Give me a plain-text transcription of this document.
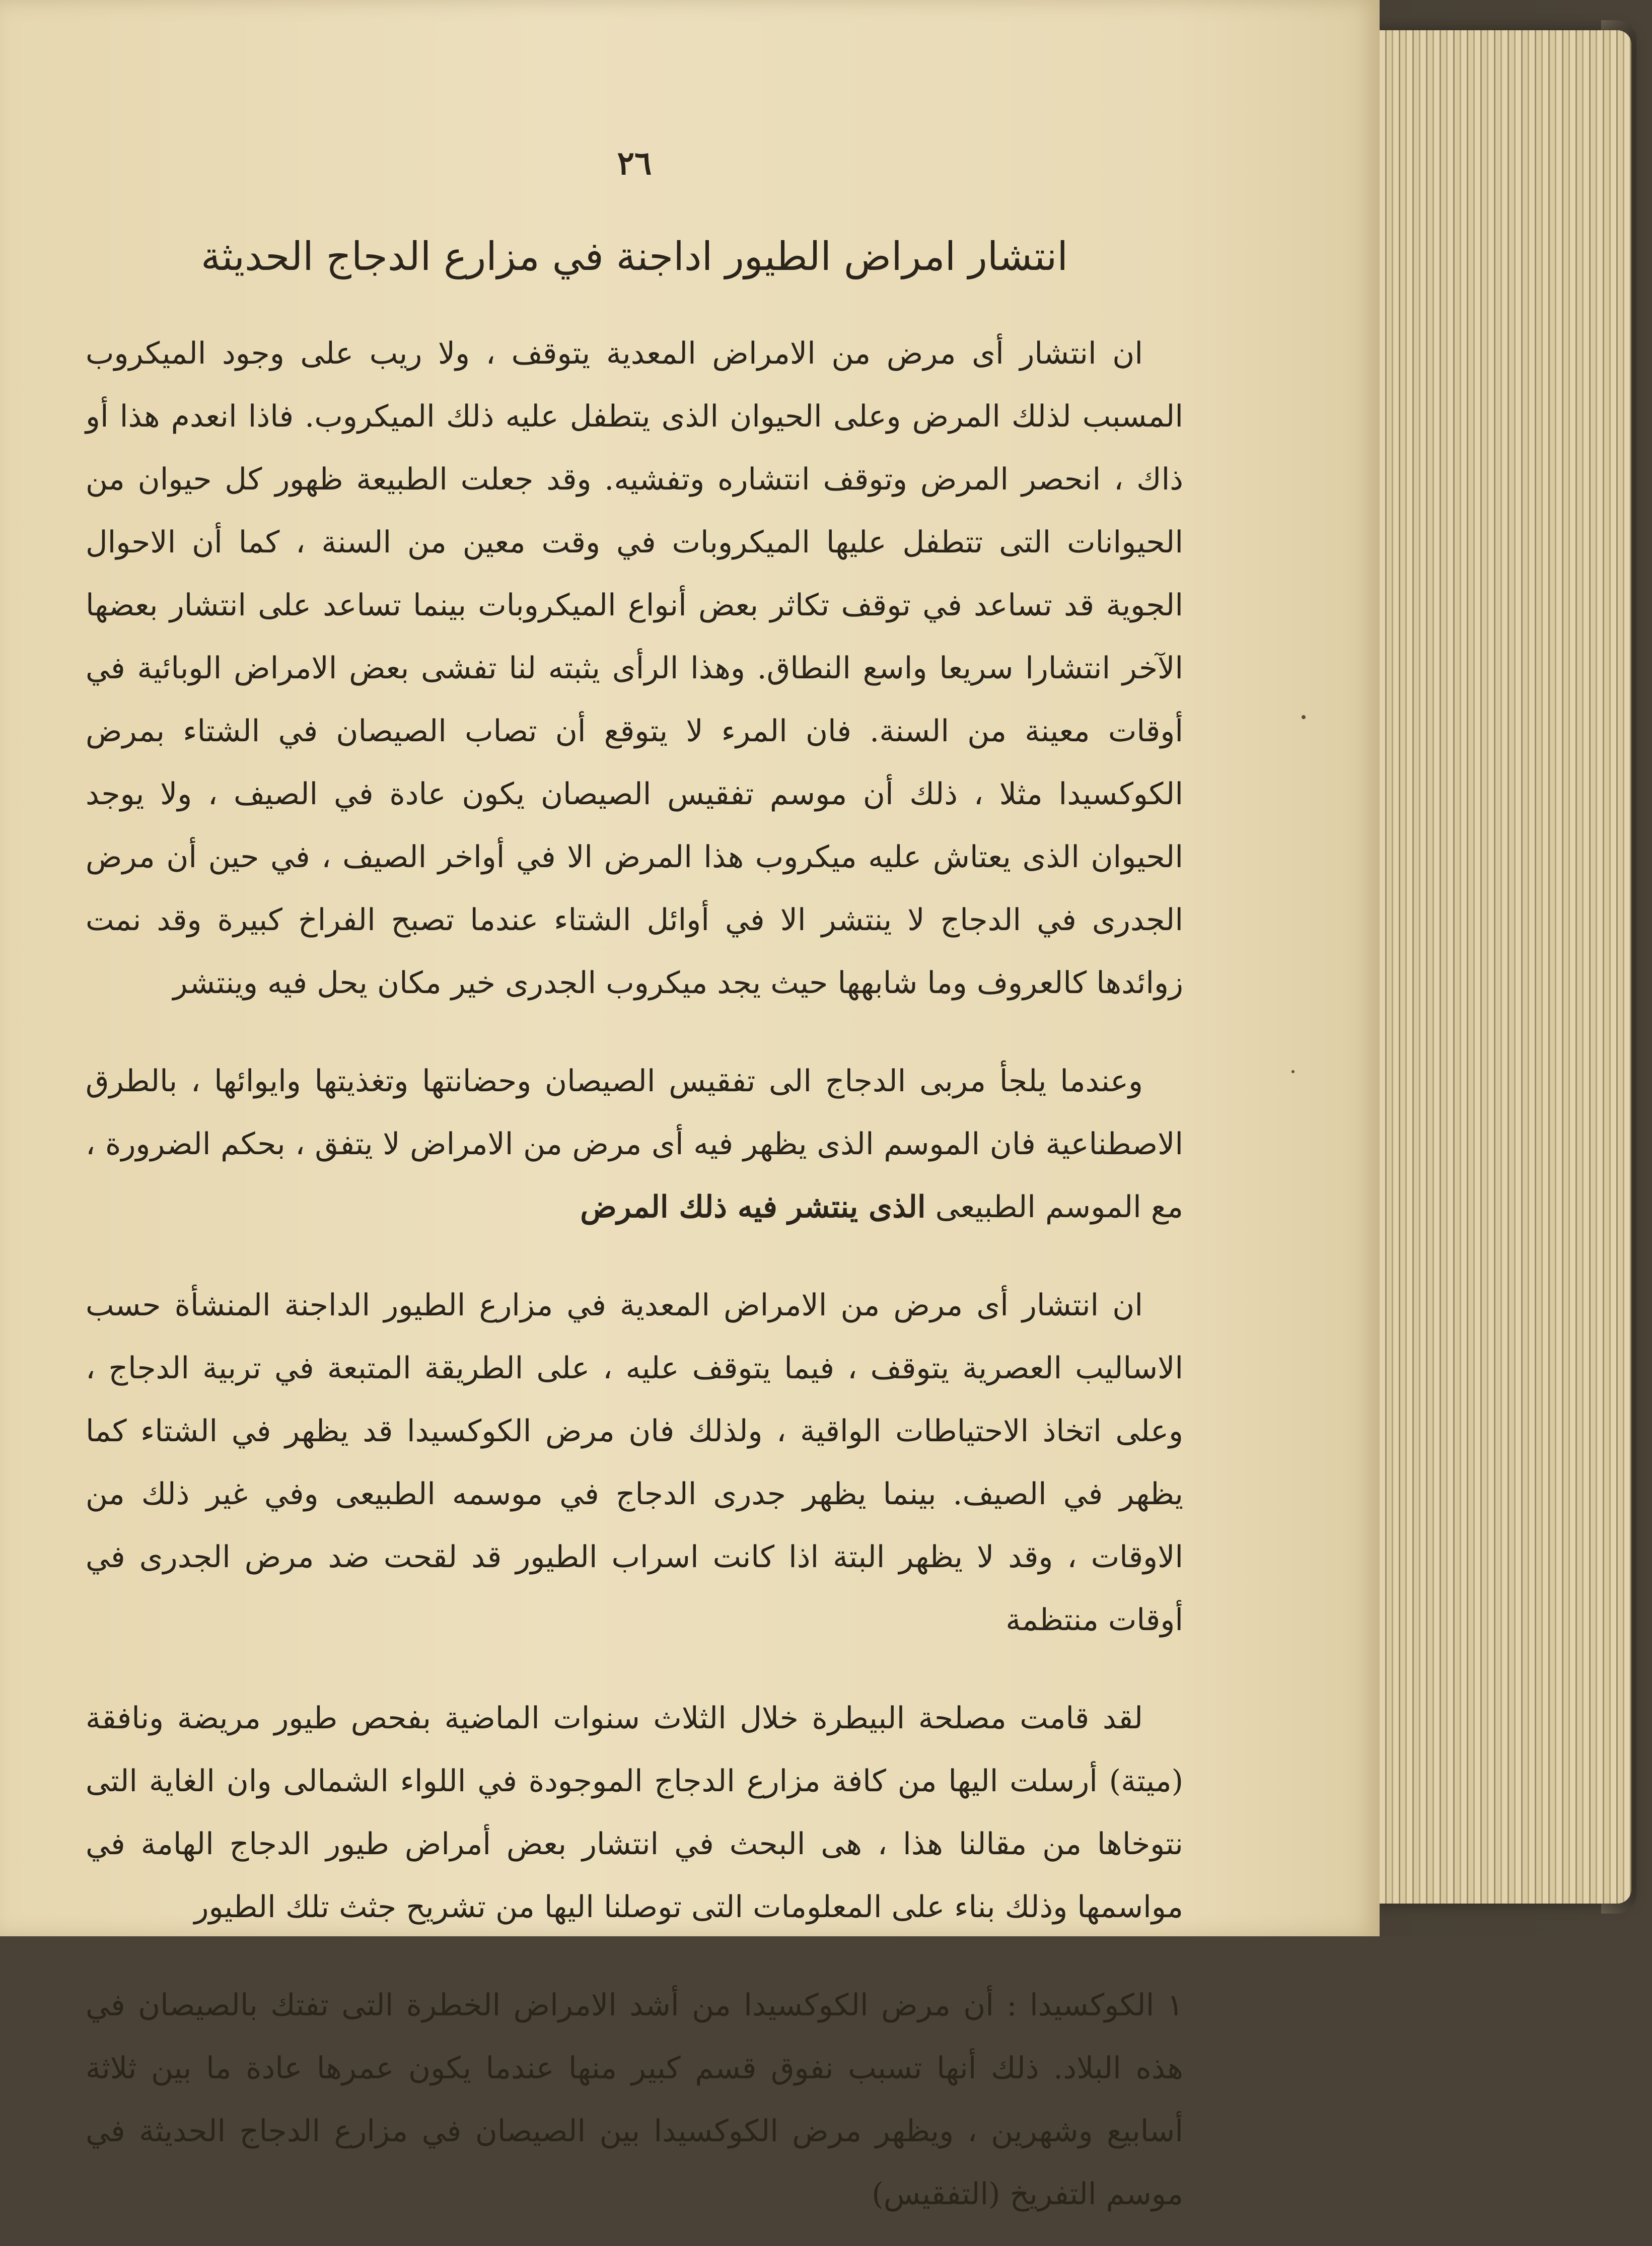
٢٦
انتشار امراض الطيور اداجنة في مزارع الدجاج الحديثة

ان انتشار أى مرض من الامراض المعدية يتوقف ، ولا ريب على وجود الميكروب المسبب لذلك المرض وعلى الحيوان الذى يتطفل عليه ذلك الميكروب. فاذا انعدم هذا أو ذاك ، انحصر المرض وتوقف انتشاره وتفشيه. وقد جعلت الطبيعة ظهور كل حيوان من الحيوانات التى تتطفل عليها الميكروبات في وقت معين من السنة ، كما أن الاحوال الجوية قد تساعد في توقف تكاثر بعض أنواع الميكروبات بينما تساعد على انتشار بعضها الآخر انتشارا سريعا واسع النطاق. وهذا الرأى يثبته لنا تفشى بعض الامراض الوبائية في أوقات معينة من السنة. فان المرء لا يتوقع أن تصاب الصيصان في الشتاء بمرض الكوكسيدا مثلا ، ذلك أن موسم تفقيس الصيصان يكون عادة في الصيف ، ولا يوجد الحيوان الذى يعتاش عليه ميكروب هذا المرض الا في أواخر الصيف ، في حين أن مرض الجدرى في الدجاج لا ينتشر الا في أوائل الشتاء عندما تصبح الفراخ كبيرة وقد نمت زوائدها كالعروف وما شابهها حيث يجد ميكروب الجدرى خير مكان يحل فيه وينتشر

وعندما يلجأ مربى الدجاج الى تفقيس الصيصان وحضانتها وتغذيتها وايوائها ، بالطرق الاصطناعية فان الموسم الذى يظهر فيه أى مرض من الامراض لا يتفق ، بحكم الضرورة ، مع الموسم الطبيعى الذى ينتشر فيه ذلك المرض

ان انتشار أى مرض من الامراض المعدية في مزارع الطيور الداجنة المنشأة حسب الاساليب العصرية يتوقف ، فيما يتوقف عليه ، على الطريقة المتبعة في تربية الدجاج ، وعلى اتخاذ الاحتياطات الواقية ، ولذلك فان مرض الكوكسيدا قد يظهر في الشتاء كما يظهر في الصيف. بينما يظهر جدرى الدجاج في موسمه الطبيعى وفي غير ذلك من الاوقات ، وقد لا يظهر البتة اذا كانت اسراب الطيور قد لقحت ضد مرض الجدرى في أوقات منتظمة

لقد قامت مصلحة البيطرة خلال الثلاث سنوات الماضية بفحص طيور مريضة ونافقة (ميتة) أرسلت اليها من كافة مزارع الدجاج الموجودة في اللواء الشمالى وان الغاية التى نتوخاها من مقالنا هذا ، هى البحث في انتشار بعض أمراض طيور الدجاج الهامة في مواسمها وذلك بناء على المعلومات التى توصلنا اليها من تشريح جثث تلك الطيور

١ الكوكسيدا : أن مرض الكوكسيدا من أشد الامراض الخطرة التى تفتك بالصيصان في هذه البلاد. ذلك أنها تسبب نفوق قسم كبير منها عندما يكون عمرها عادة ما بين ثلاثة أسابيع وشهرين ، ويظهر مرض الكوكسيدا بين الصيصان في مزارع الدجاج الحديثة في موسم التفريخ (التفقيس)
